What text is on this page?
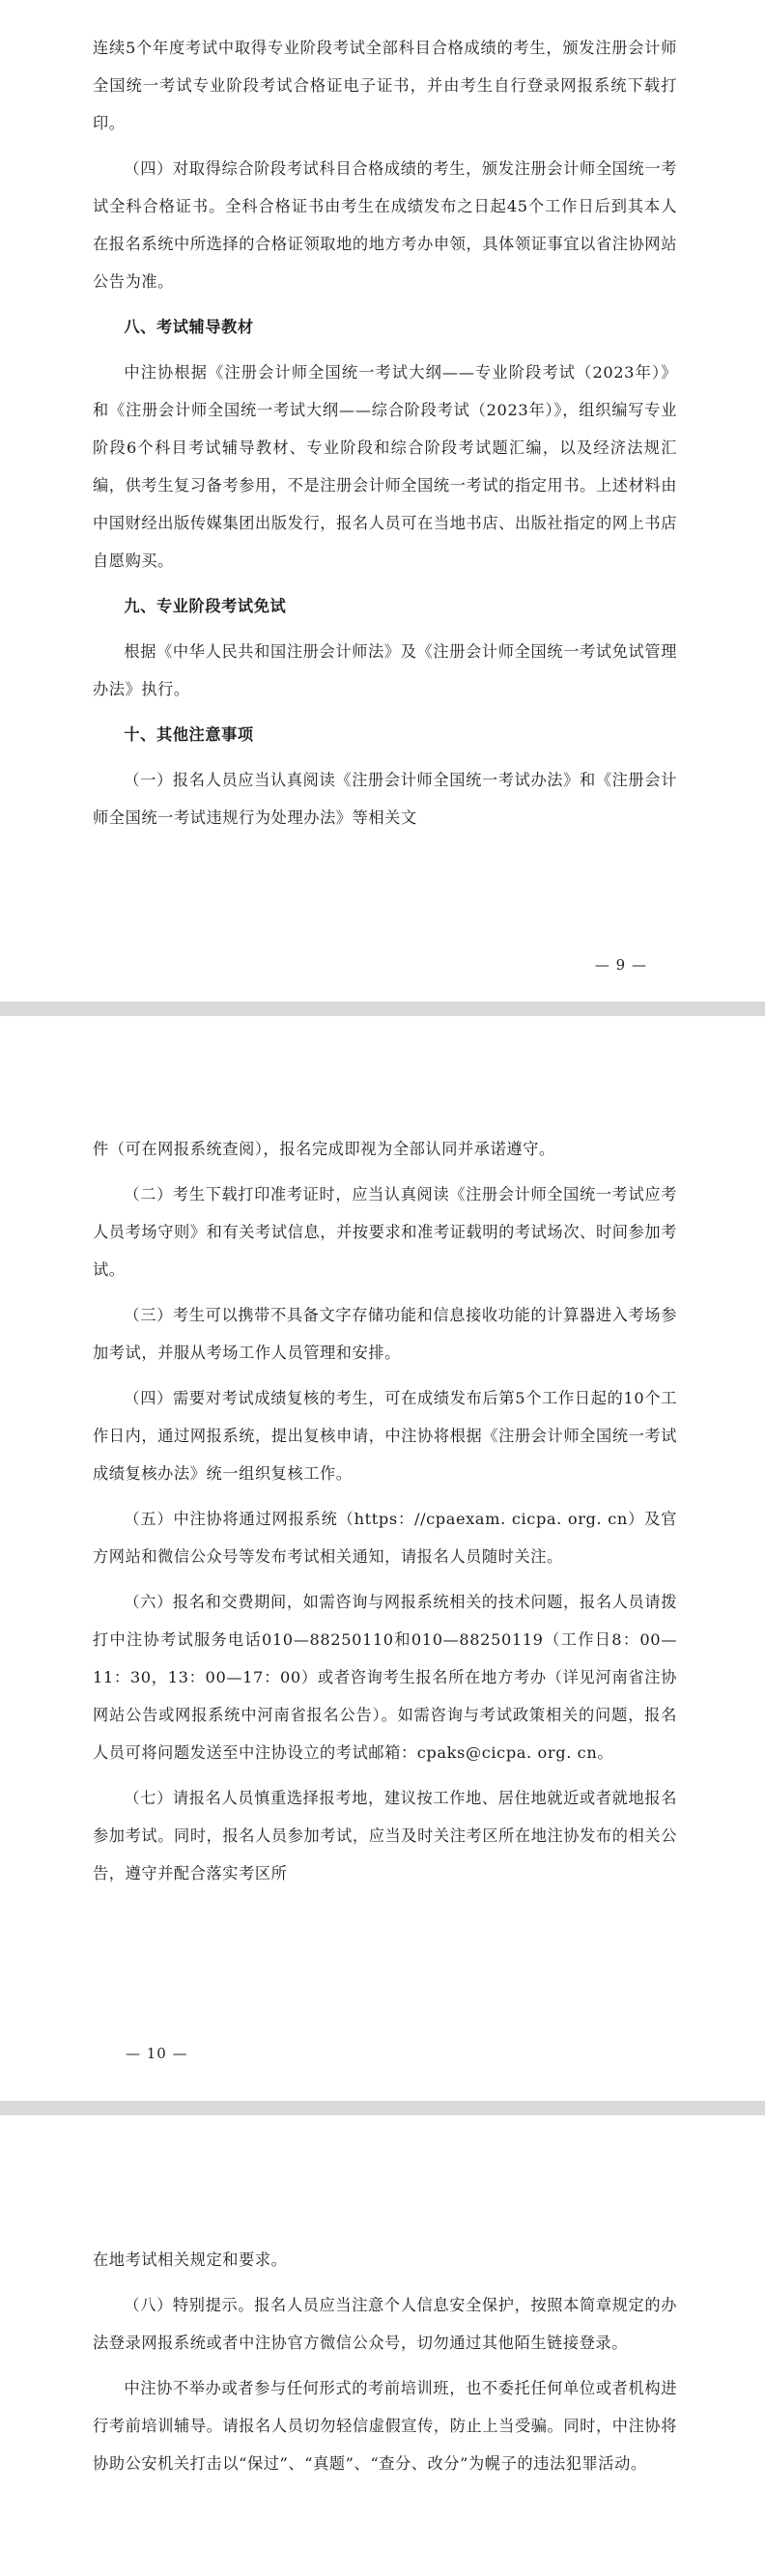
连续5个年度考试中取得专业阶段考试全部科目合格成绩的考生，颁发注册会计师全国统一考试专业阶段考试合格证电子证书，并由考生自行登录网报系统下载打印。

（四）对取得综合阶段考试科目合格成绩的考生，颁发注册会计师全国统一考试全科合格证书。全科合格证书由考生在成绩发布之日起45个工作日后到其本人在报名系统中所选择的合格证领取地的地方考办申领，具体领证事宜以省注协网站公告为准。

八、考试辅导教材

中注协根据《注册会计师全国统一考试大纲——专业阶段考试（2023年）》和《注册会计师全国统一考试大纲——综合阶段考试（2023年）》，组织编写专业阶段6个科目考试辅导教材、专业阶段和综合阶段考试题汇编，以及经济法规汇编，供考生复习备考参用，不是注册会计师全国统一考试的指定用书。上述材料由中国财经出版传媒集团出版发行，报名人员可在当地书店、出版社指定的网上书店自愿购买。

九、专业阶段考试免试

根据《中华人民共和国注册会计师法》及《注册会计师全国统一考试免试管理办法》执行。

十、其他注意事项

（一）报名人员应当认真阅读《注册会计师全国统一考试办法》和《注册会计师全国统一考试违规行为处理办法》等相关文

— 9 —

件（可在网报系统查阅），报名完成即视为全部认同并承诺遵守。

（二）考生下载打印准考证时，应当认真阅读《注册会计师全国统一考试应考人员考场守则》和有关考试信息，并按要求和准考证载明的考试场次、时间参加考试。

（三）考生可以携带不具备文字存储功能和信息接收功能的计算器进入考场参加考试，并服从考场工作人员管理和安排。

（四）需要对考试成绩复核的考生，可在成绩发布后第5个工作日起的10个工作日内，通过网报系统，提出复核申请，中注协将根据《注册会计师全国统一考试成绩复核办法》统一组织复核工作。

（五）中注协将通过网报系统（https：//cpaexam. cicpa. org. cn）及官方网站和微信公众号等发布考试相关通知，请报名人员随时关注。

（六）报名和交费期间，如需咨询与网报系统相关的技术问题，报名人员请拨打中注协考试服务电话010—88250110和010—88250119（工作日8：00—11：30，13：00—17：00）或者咨询考生报名所在地方考办（详见河南省注协网站公告或网报系统中河南省报名公告）。如需咨询与考试政策相关的问题，报名人员可将问题发送至中注协设立的考试邮箱：cpaks@cicpa. org. cn。

（七）请报名人员慎重选择报考地，建议按工作地、居住地就近或者就地报名参加考试。同时，报名人员参加考试，应当及时关注考区所在地注协发布的相关公告，遵守并配合落实考区所

— 10 —

在地考试相关规定和要求。

（八）特别提示。报名人员应当注意个人信息安全保护，按照本简章规定的办法登录网报系统或者中注协官方微信公众号，切勿通过其他陌生链接登录。

中注协不举办或者参与任何形式的考前培训班，也不委托任何单位或者机构进行考前培训辅导。请报名人员切勿轻信虚假宣传，防止上当受骗。同时，中注协将协助公安机关打击以“保过”、“真题”、“查分、改分”为幌子的违法犯罪活动。
